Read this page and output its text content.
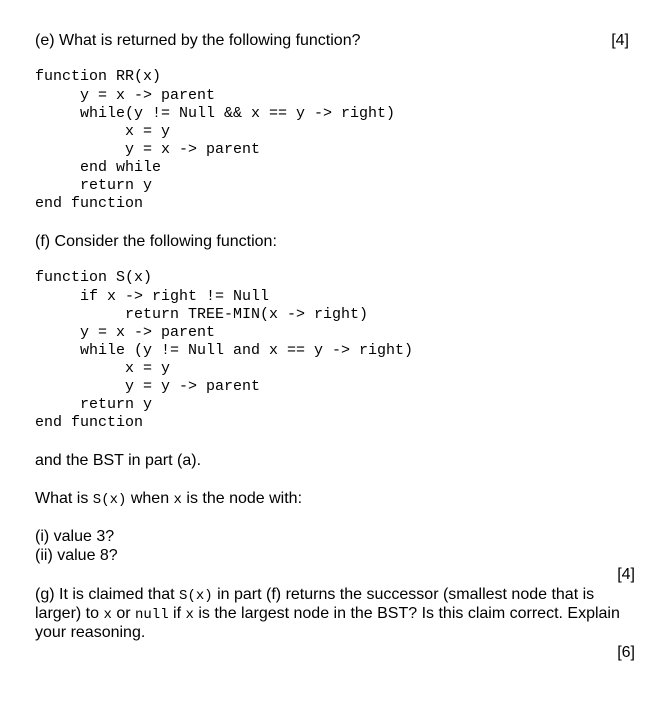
(e) What is returned by the following function?	[4]
function RR(x)
y = x -> parent
while(y != Null && x == y -> right)
x = y
y = x -> parent
end while
return y
end function
(f) Consider the following function:
function S(x)
if x -> right != Null
return TREE-MIN(x -> right)
y = x -> parent
while (y != Null and x == y -> right)
x = y
y = y -> parent
return y
end function
and the BST in part (a).
What is S(x) when x is the node with:
(i) value 3?
(ii) value 8?
[4]
(g) It is claimed that S(x) in part (f) returns the successor (smallest node that is
larger) to x or null if x is the largest node in the BST? Is this claim correct. Explain
your reasoning.
[6]
